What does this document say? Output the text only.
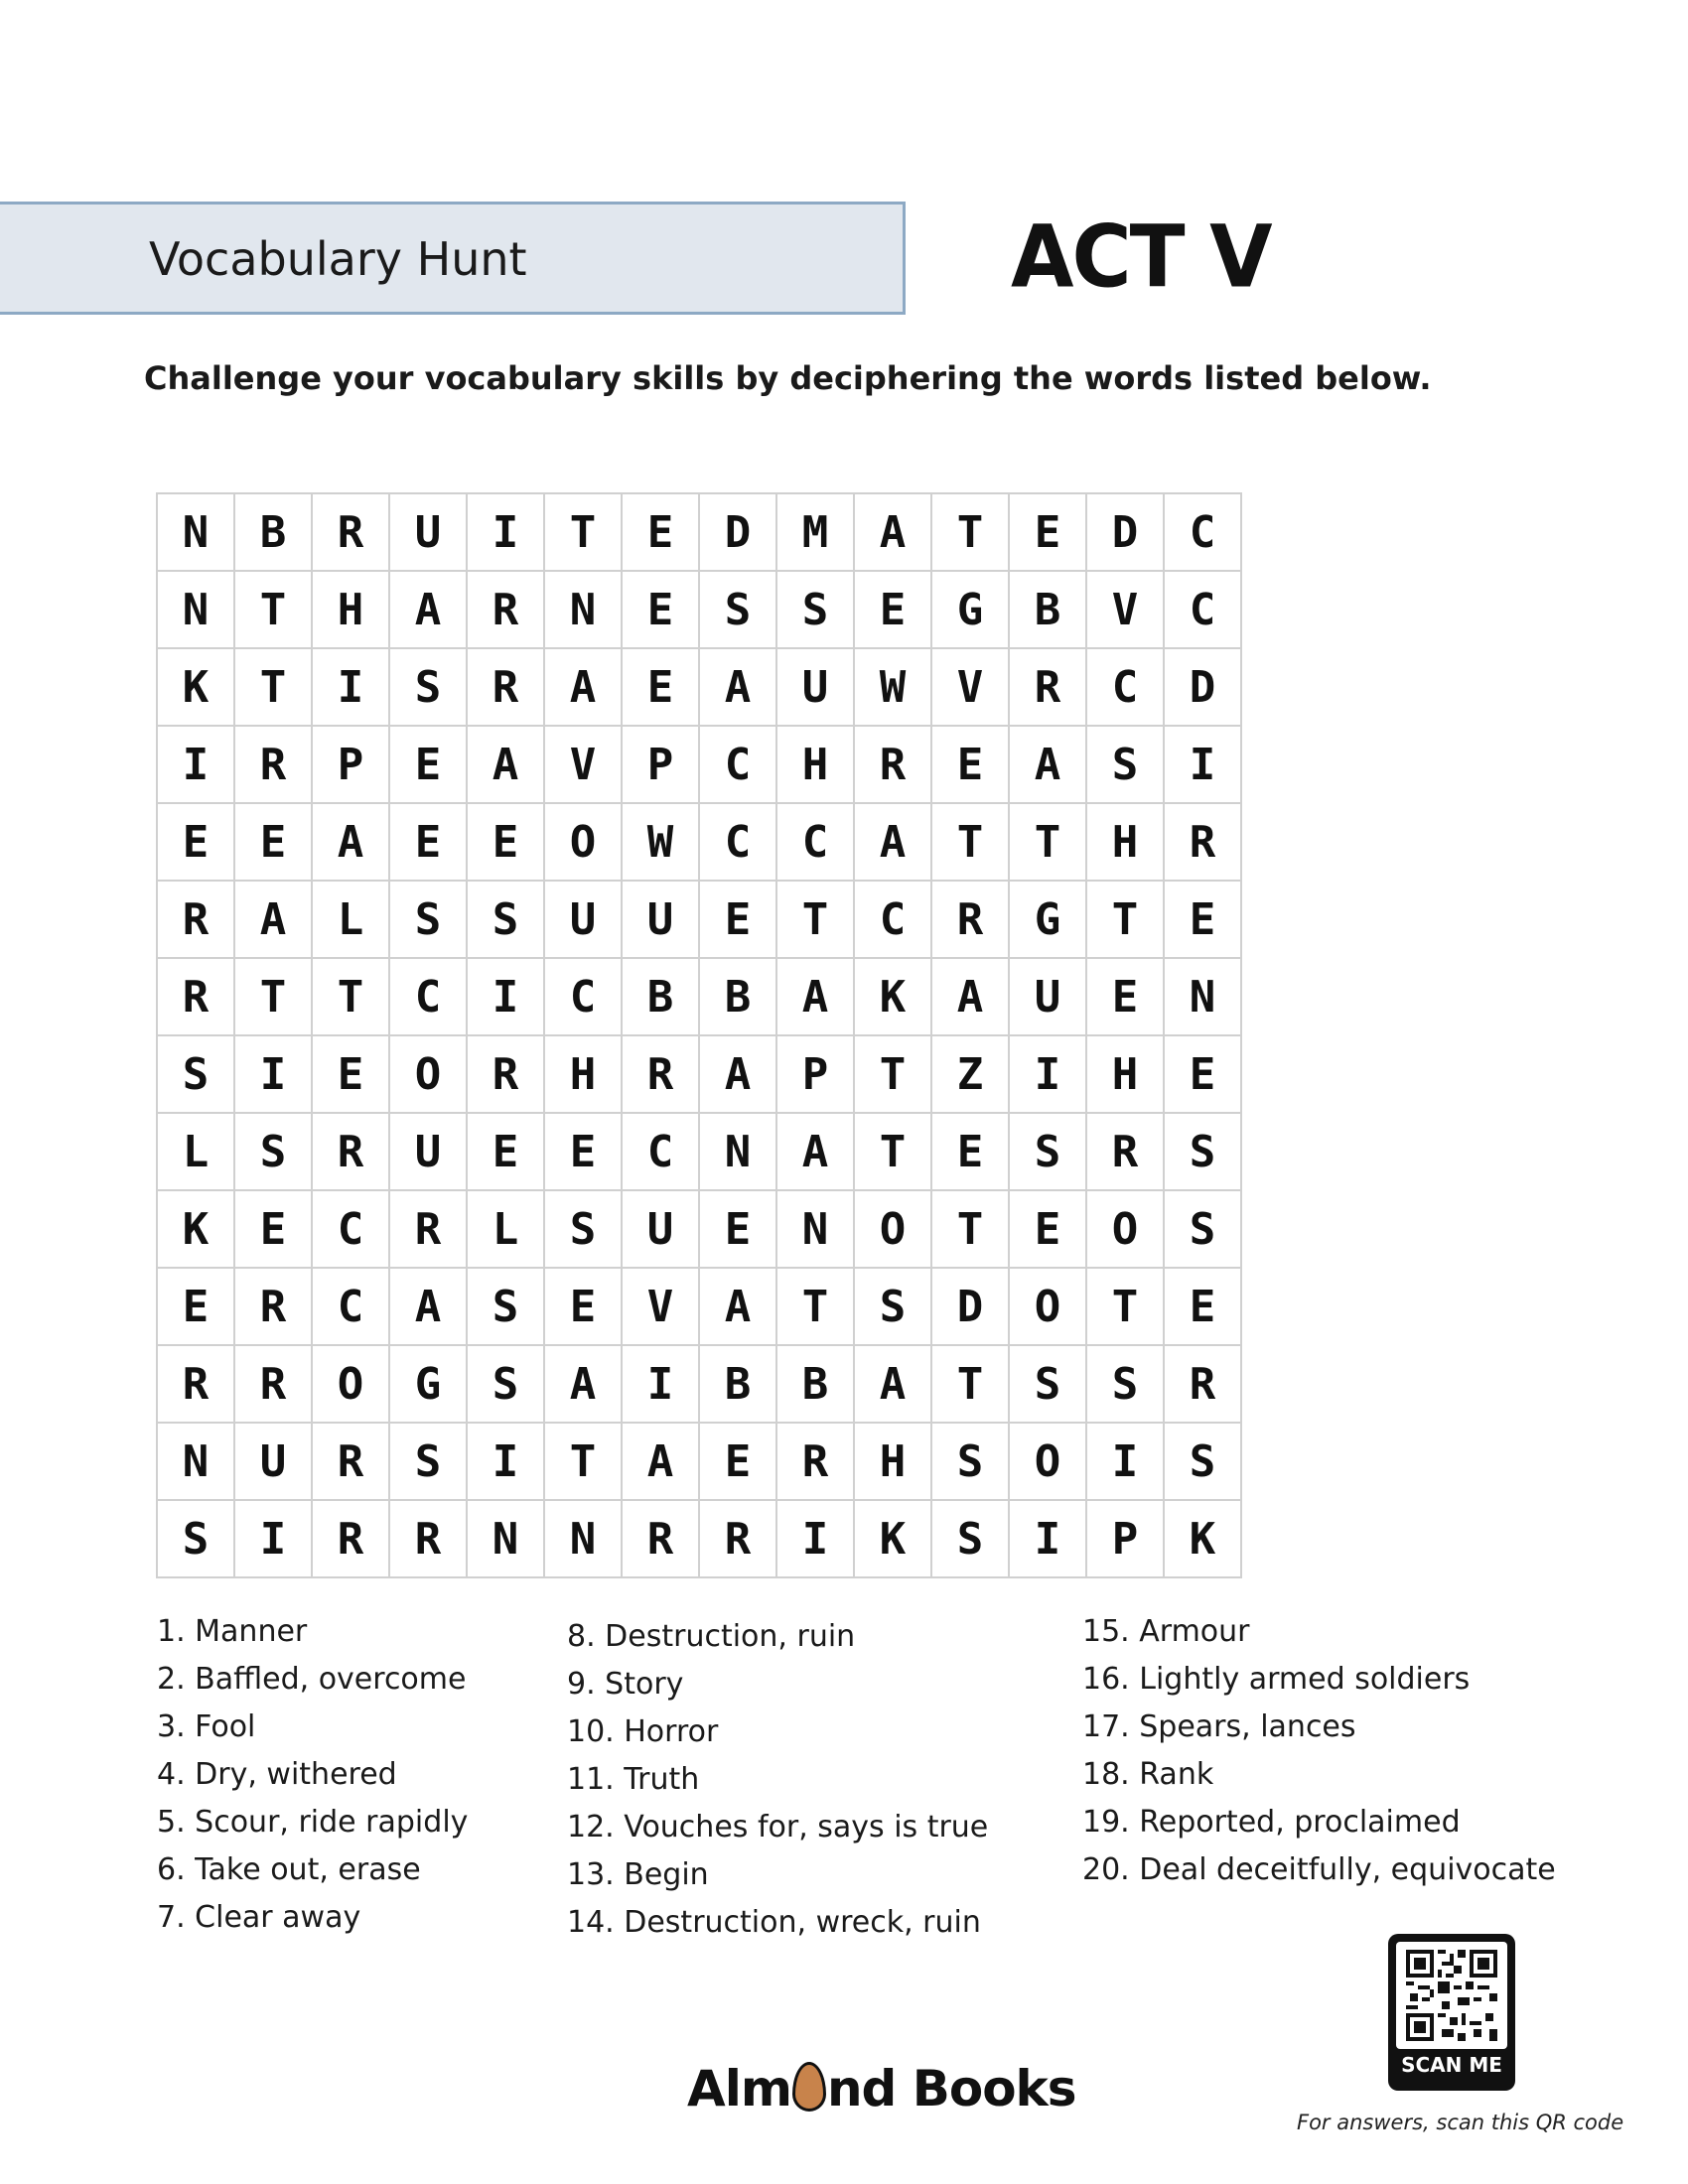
Vocabulary Hunt	ACT V
Challenge your vocabulary skills by deciphering the words listed below.
N	B	R	U	I	T	E	D	M	A	T	E	D	C
N	T	H	A	R	N	E	S	S	E	G	B	V	C
K	T	I	S	R	A	E	A	U	W	V	R	C	D
I	R	P	E	A	V	P	C	H	R	E	A	S	I
E	E	A	E	E	O	W	C	C	A	T	T	H	R
R	A	L	S	S	U	U	E	T	C	R	G	T	E
R	T	T	C	I	C	B	B	A	K	A	U	E	N
S	I	E	O	R	H	R	A	P	T	Z	I	H	E
L	S	R	U	E	E	C	N	A	T	E	S	R	S
K	E	C	R	L	S	U	E	N	O	T	E	O	S
E	R	C	A	S	E	V	A	T	S	D	O	T	E
R	R	O	G	S	A	I	B	B	A	T	S	S	R
N	U	R	S	I	T	A	E	R	H	S	O	I	S
S	I	R	R	N	N	R	R	I	K	S	I	P	K
1. Manner
2. Baffled, overcome
3. Fool
4. Dry, withered
5. Scour, ride rapidly
6. Take out, erase
7. Clear away
8. Destruction, ruin
9. Story
10. Horror
11. Truth
12. Vouches for, says is true
13. Begin
14. Destruction, wreck, ruin
15. Armour
16. Lightly armed soldiers
17. Spears, lances
18. Rank
19. Reported, proclaimed
20. Deal deceitfully, equivocate
Alm nd Books	SCAN ME
For answers, scan this QR code
